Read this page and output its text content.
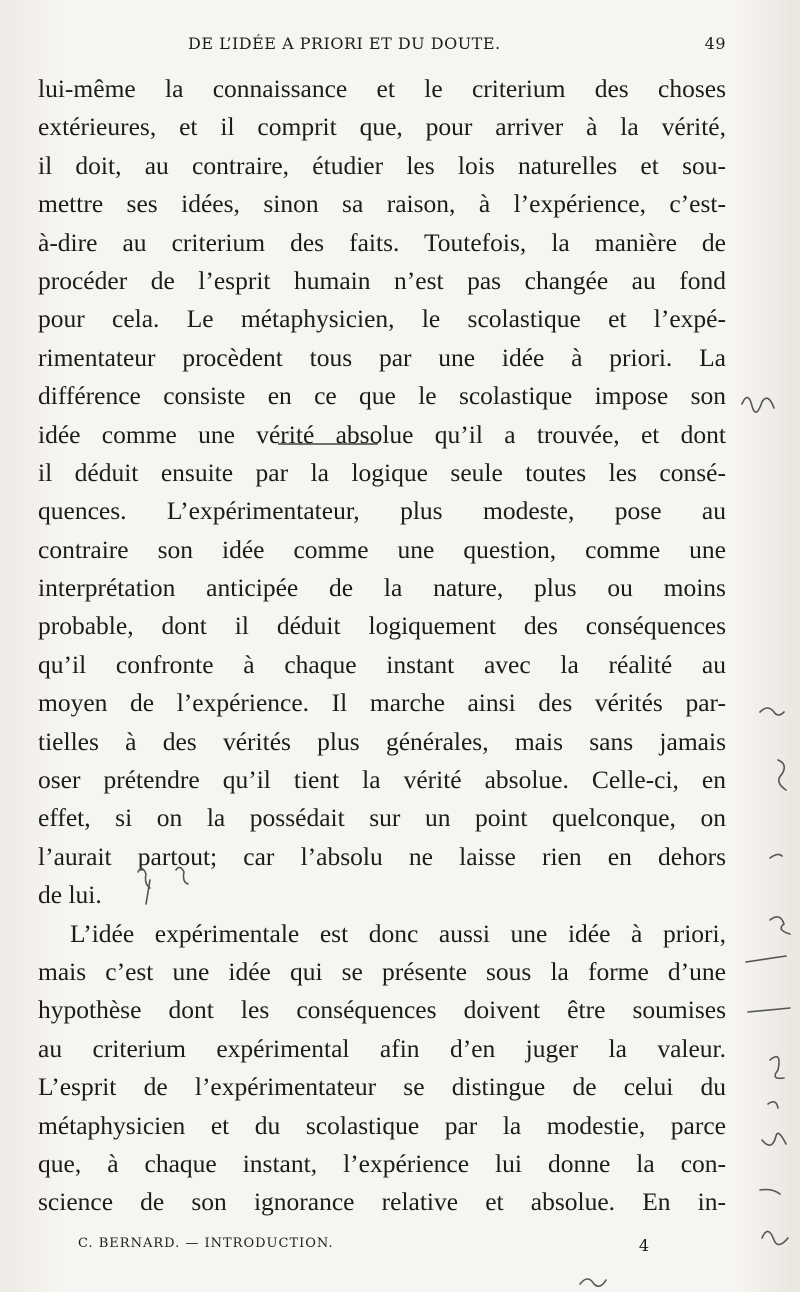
DE L’IDÉE A PRIORI ET DU DOUTE.	49
lui-même la connaissance et le criterium des choses
extérieures, et il comprit que, pour arriver à la vérité,
il doit, au contraire, étudier les lois naturelles et sou-
mettre ses idées, sinon sa raison, à l’expérience, c’est-
à-dire au criterium des faits. Toutefois, la manière de
procéder de l’esprit humain n’est pas changée au fond
pour cela. Le métaphysicien, le scolastique et l’expé-
rimentateur procèdent tous par une idée à priori. La
différence consiste en ce que le scolastique impose son
idée comme une vérité absolue qu’il a trouvée, et dont
il déduit ensuite par la logique seule toutes les consé-
quences. L’expérimentateur, plus modeste, pose au
contraire son idée comme une question, comme une
interprétation anticipée de la nature, plus ou moins
probable, dont il déduit logiquement des conséquences
qu’il confronte à chaque instant avec la réalité au
moyen de l’expérience. Il marche ainsi des vérités par-
tielles à des vérités plus générales, mais sans jamais
oser prétendre qu’il tient la vérité absolue. Celle-ci, en
effet, si on la possédait sur un point quelconque, on
l’aurait partout; car l’absolu ne laisse rien en dehors
de lui.
L’idée expérimentale est donc aussi une idée à priori,
mais c’est une idée qui se présente sous la forme d’une
hypothèse dont les conséquences doivent être soumises
au criterium expérimental afin d’en juger la valeur.
L’esprit de l’expérimentateur se distingue de celui du
métaphysicien et du scolastique par la modestie, parce
que, à chaque instant, l’expérience lui donne la con-
science de son ignorance relative et absolue. En in-
C. BERNARD. — INTRODUCTION.	4
